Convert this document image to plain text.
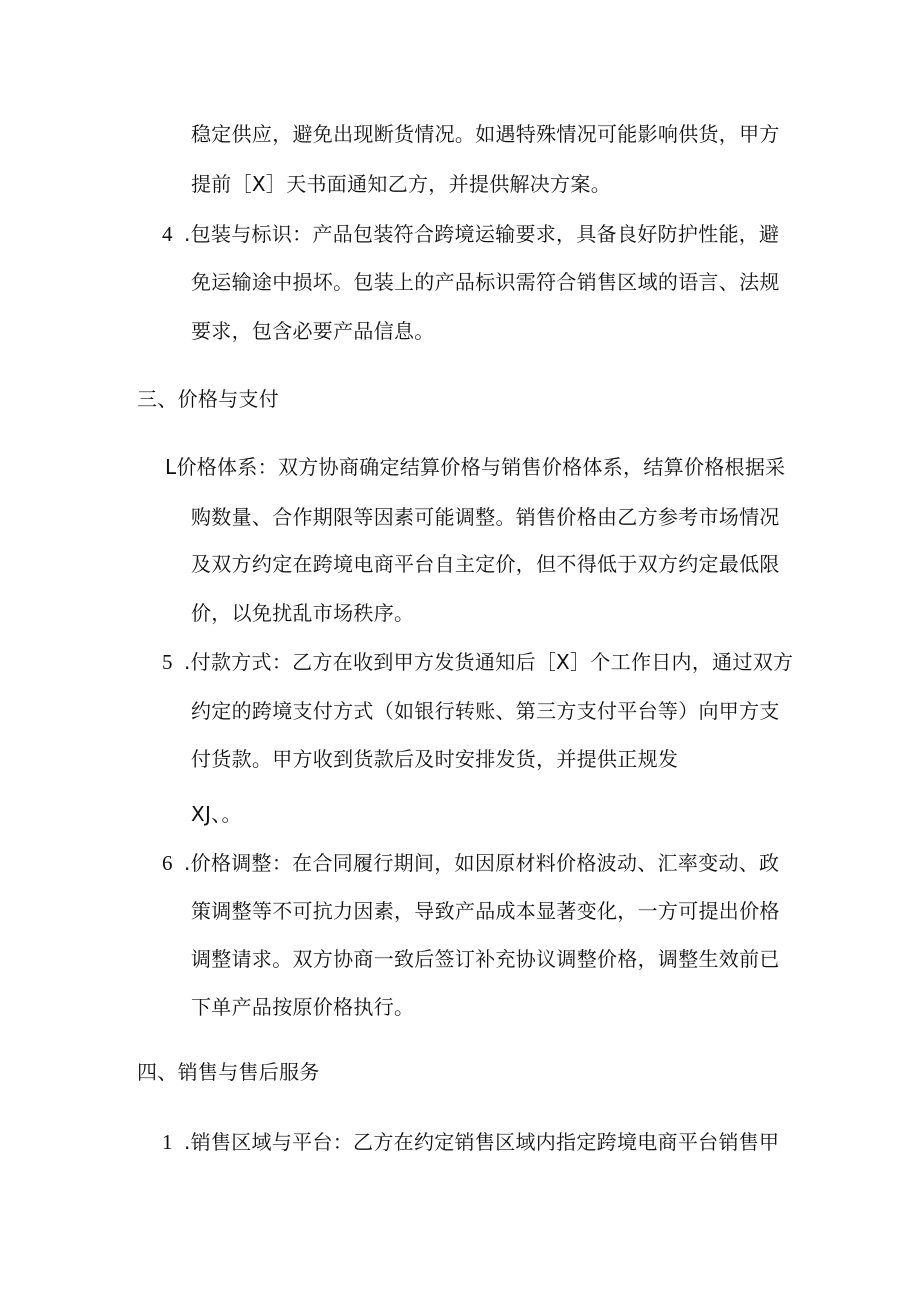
稳定供应，避免出现断货情况。如遇特殊情况可能影响供货，甲方
提前［X］天书面通知乙方，并提供解决方案。
4 .包装与标识：产品包装符合跨境运输要求，具备良好防护性能，避
免运输途中损坏。包装上的产品标识需符合销售区域的语言、法规
要求，包含必要产品信息。
三、价格与支付
L价格体系：双方协商确定结算价格与销售价格体系，结算价格根据采
购数量、合作期限等因素可能调整。销售价格由乙方参考市场情况
及双方约定在跨境电商平台自主定价，但不得低于双方约定最低限
价，以免扰乱市场秩序。
5 .付款方式：乙方在收到甲方发货通知后［X］个工作日内，通过双方
约定的跨境支付方式（如银行转账、第三方支付平台等）向甲方支
付货款。甲方收到货款后及时安排发货，并提供正规发
XJ、。
6 .价格调整：在合同履行期间，如因原材料价格波动、汇率变动、政
策调整等不可抗力因素，导致产品成本显著变化，一方可提出价格
调整请求。双方协商一致后签订补充协议调整价格，调整生效前已
下单产品按原价格执行。
四、销售与售后服务
1 .销售区域与平台：乙方在约定销售区域内指定跨境电商平台销售甲
